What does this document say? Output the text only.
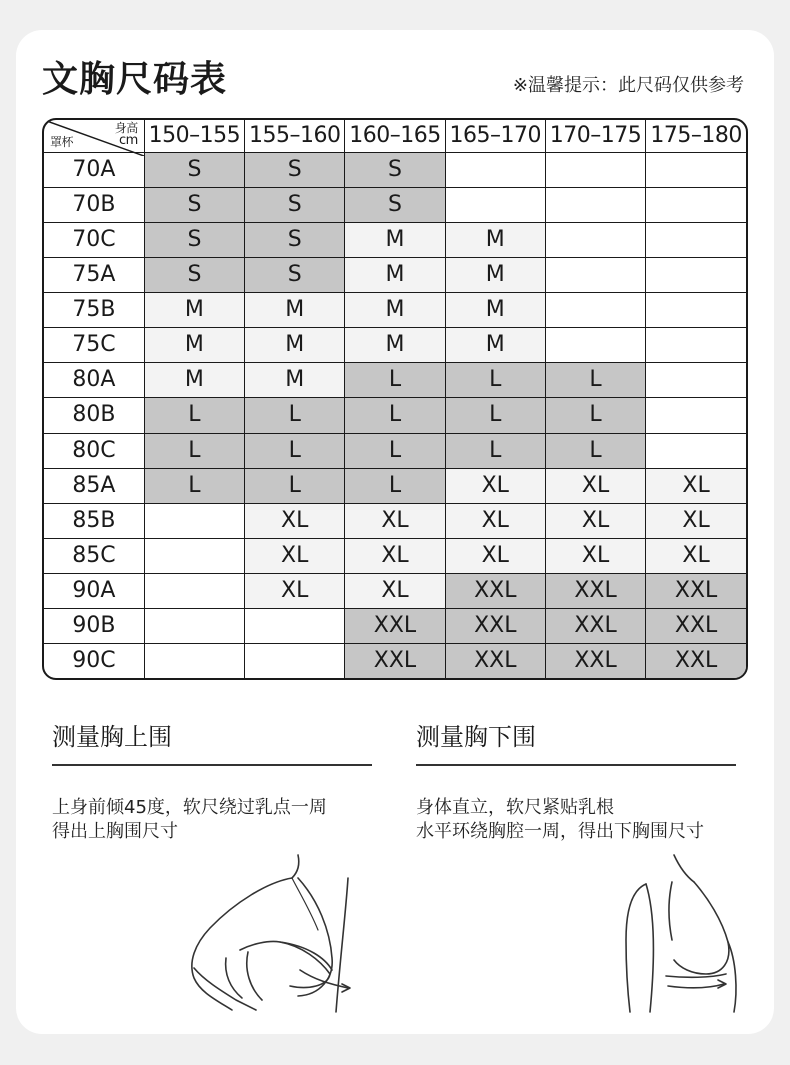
文胸尺码表	※温馨提示：此尺码仅供参考
罩杯
身高
cm	150–155	155–160	160–165	165–170	170–175	175–180
70A	S	S	S			
70B	S	S	S			
70C	S	S	M	M		
75A	S	S	M	M		
75B	M	M	M	M		
75C	M	M	M	M		
80A	M	M	L	L	L	
80B	L	L	L	L	L	
80C	L	L	L	L	L	
85A	L	L	L	XL	XL	XL
85B		XL	XL	XL	XL	XL
85C		XL	XL	XL	XL	XL
90A		XL	XL	XXL	XXL	XXL
90B			XXL	XXL	XXL	XXL
90C			XXL	XXL	XXL	XXL
测量胸上围
上身前倾45度，软尺绕过乳点一周
得出上胸围尺寸
测量胸下围
身体直立，软尺紧贴乳根
水平环绕胸腔一周，得出下胸围尺寸
